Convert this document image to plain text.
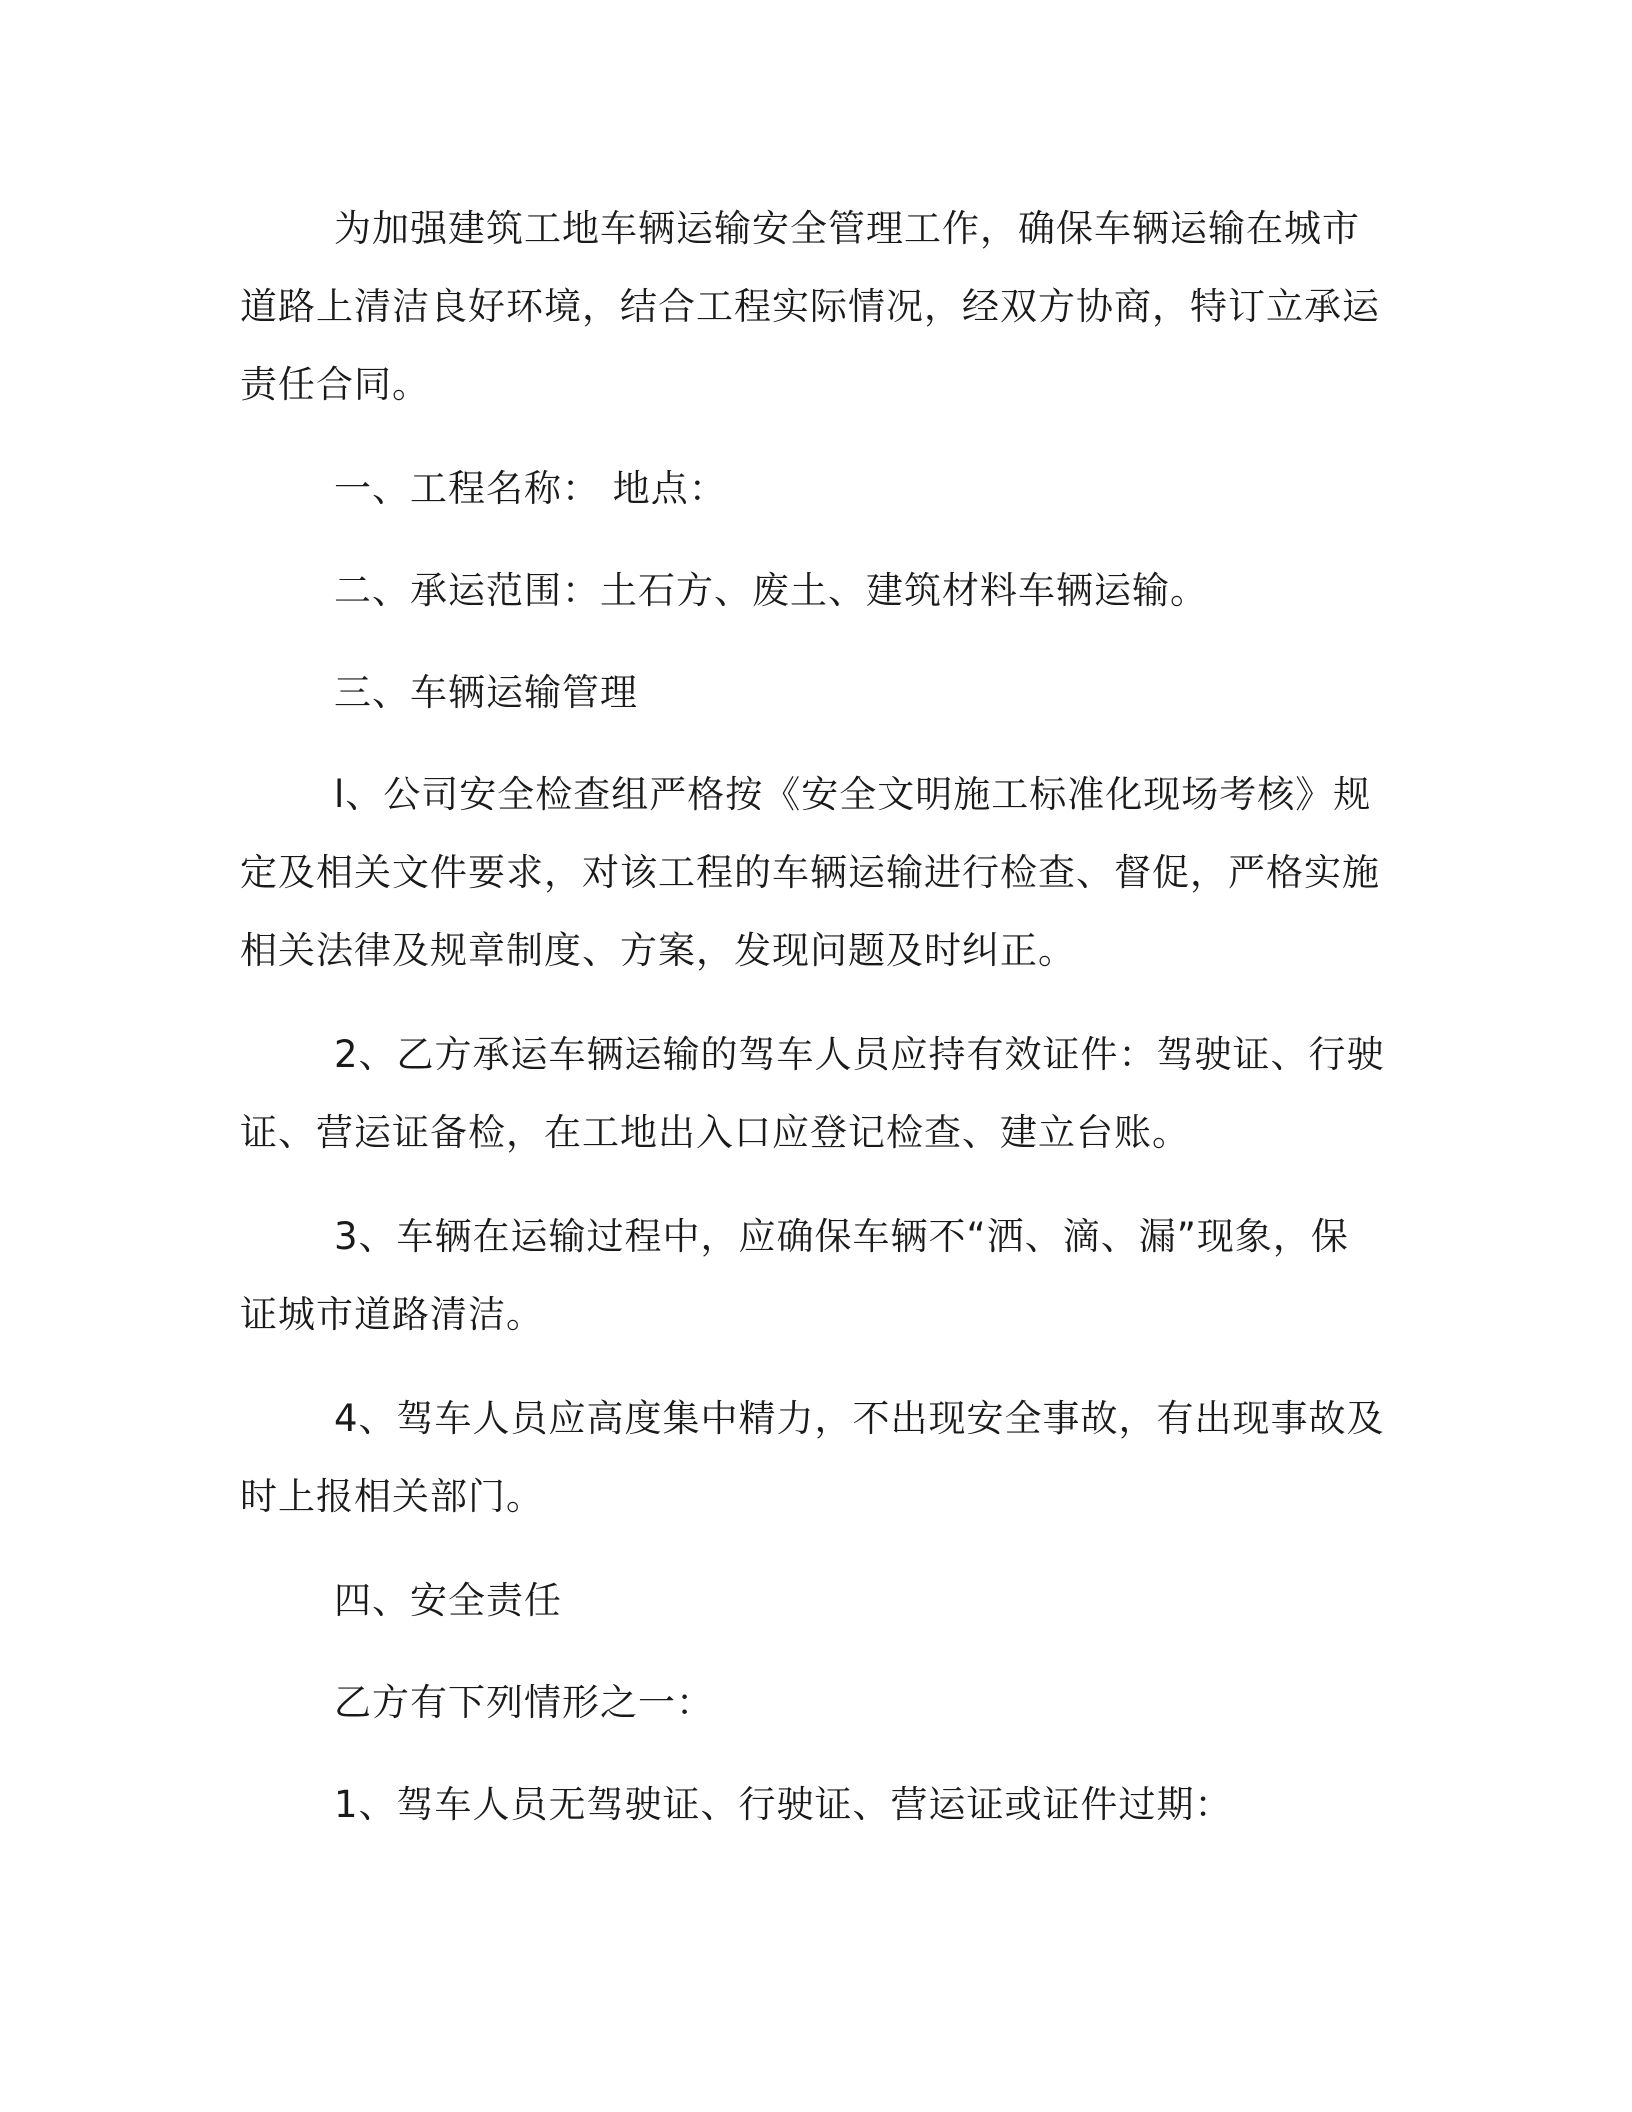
为加强建筑工地车辆运输安全管理工作，确保车辆运输在城市道路上清洁良好环境，结合工程实际情况，经双方协商，特订立承运责任合同。

一、工程名称： 地点：

二、承运范围：土石方、废土、建筑材料车辆运输。

三、车辆运输管理

l、公司安全检查组严格按《安全文明施工标准化现场考核》规定及相关文件要求，对该工程的车辆运输进行检查、督促，严格实施相关法律及规章制度、方案，发现问题及时纠正。

2、乙方承运车辆运输的驾车人员应持有效证件：驾驶证、行驶证、营运证备检，在工地出入口应登记检查、建立台账。

3、车辆在运输过程中，应确保车辆不“洒、滴、漏”现象，保证城市道路清洁。

4、驾车人员应高度集中精力，不出现安全事故，有出现事故及时上报相关部门。

四、安全责任

乙方有下列情形之一：

1、驾车人员无驾驶证、行驶证、营运证或证件过期：
